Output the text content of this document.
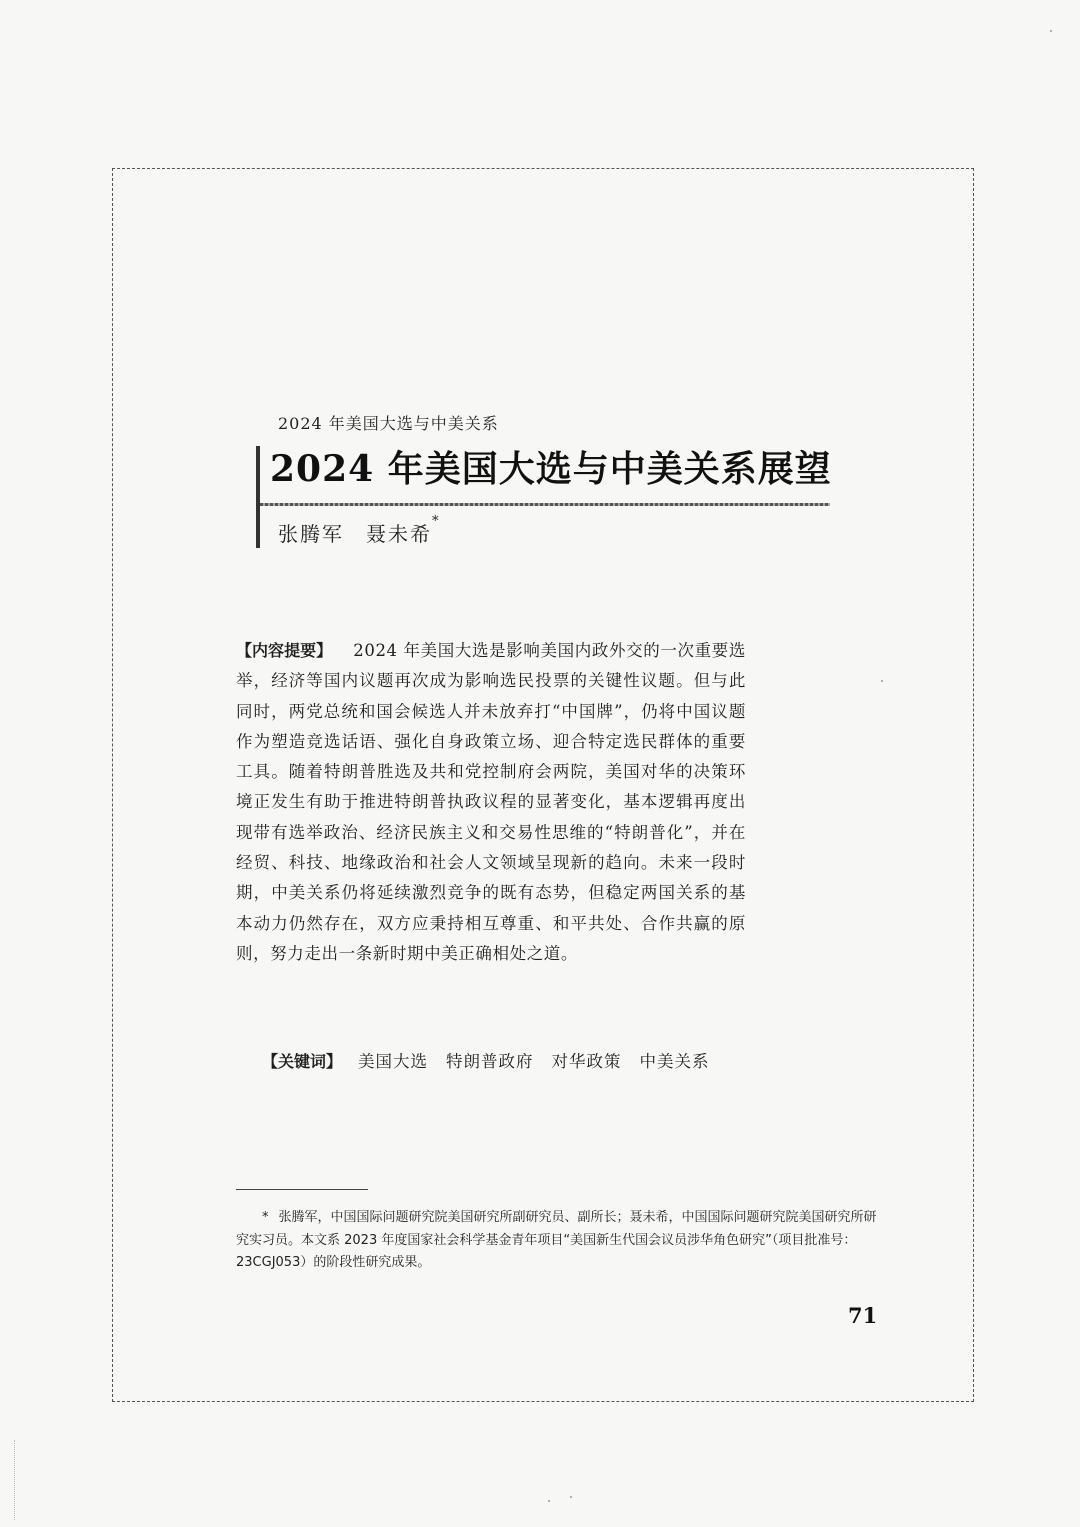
2024 年美国大选与中美关系
2024 年美国大选与中美关系展望
张腾军 聂未希*
【内容提要】 2024 年美国大选是影响美国内政外交的一次重要选举，经济等国内议题再次成为影响选民投票的关键性议题。但与此同时，两党总统和国会候选人并未放弃打“中国牌”，仍将中国议题作为塑造竞选话语、强化自身政策立场、迎合特定选民群体的重要工具。随着特朗普胜选及共和党控制府会两院，美国对华的决策环境正发生有助于推进特朗普执政议程的显著变化，基本逻辑再度出现带有选举政治、经济民族主义和交易性思维的“特朗普化”，并在经贸、科技、地缘政治和社会人文领域呈现新的趋向。未来一段时期，中美关系仍将延续激烈竞争的既有态势，但稳定两国关系的基本动力仍然存在，双方应秉持相互尊重、和平共处、合作共赢的原则，努力走出一条新时期中美正确相处之道。
【关键词】 美国大选 特朗普政府 对华政策 中美关系
* 张腾军，中国国际问题研究院美国研究所副研究员、副所长；聂未希，中国国际问题研究院美国研究所研究实习员。本文系 2023 年度国家社会科学基金青年项目“美国新生代国会议员涉华角色研究”（项目批准号：23CGJ053）的阶段性研究成果。
71
